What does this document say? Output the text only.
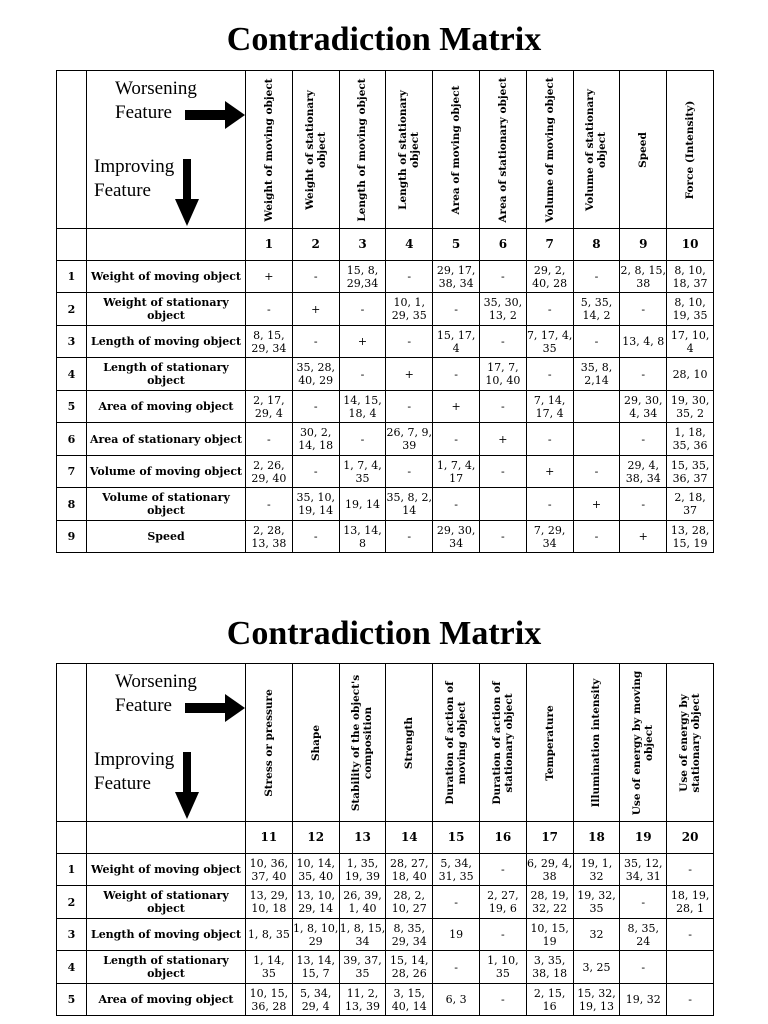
Contradiction Matrix

	Worsening Feature
Improving Feature	Weight of moving object	Weight of stationary object	Length of moving object	Length of stationary object	Area of moving object	Area of stationary object	Volume of moving object	Volume of stationary object	Speed	Force (Intensity)

		1	2	3	4	5	6	7	8	9	10
1	Weight of moving object	+	-	15, 8, 29,34	-	29, 17, 38, 34	-	29, 2, 40, 28	-	2, 8, 15, 38	8, 10, 18, 37
2	Weight of stationary object	-	+	-	10, 1, 29, 35	-	35, 30, 13, 2	-	5, 35, 14, 2	-	8, 10, 19, 35
3	Length of moving object	8, 15, 29, 34	-	+	-	15, 17, 4	-	7, 17, 4, 35	-	13, 4, 8	17, 10, 4
4	Length of stationary object		35, 28, 40, 29	-	+	-	17, 7, 10, 40	-	35, 8, 2,14	-	28, 10
5	Area of moving object	2, 17, 29, 4	-	14, 15, 18, 4	-	+	-	7, 14, 17, 4		29, 30, 4, 34	19, 30, 35, 2
6	Area of stationary object	-	30, 2, 14, 18	-	26, 7, 9, 39	-	+	-		-	1, 18, 35, 36
7	Volume of moving object	2, 26, 29, 40	-	1, 7, 4, 35	-	1, 7, 4, 17	-	+	-	29, 4, 38, 34	15, 35, 36, 37
8	Volume of stationary object	-	35, 10, 19, 14	19, 14	35, 8, 2, 14	-		-	+	-	2, 18, 37
9	Speed	2, 28, 13, 38	-	13, 14, 8	-	29, 30, 34	-	7, 29, 34	-	+	13, 28, 15, 19
Contradiction Matrix

	Worsening Feature
Improving Feature	Stress or pressure	Shape	Stability of the object's composition	Strength	Duration of action of moving object	Duration of action of stationary object	Temperature	Illumination intensity	Use of energy by moving object	Use of energy by stationary object

		11	12	13	14	15	16	17	18	19	20
1	Weight of moving object	10, 36, 37, 40	10, 14, 35, 40	1, 35, 19, 39	28, 27, 18, 40	5, 34, 31, 35	-	6, 29, 4, 38	19, 1, 32	35, 12, 34, 31	-
2	Weight of stationary object	13, 29, 10, 18	13, 10, 29, 14	26, 39, 1, 40	28, 2, 10, 27	-	2, 27, 19, 6	28, 19, 32, 22	19, 32, 35	-	18, 19, 28, 1
3	Length of moving object	1, 8, 35	1, 8, 10, 29	1, 8, 15, 34	8, 35, 29, 34	19	-	10, 15, 19	32	8, 35, 24	-
4	Length of stationary object	1, 14, 35	13, 14, 15, 7	39, 37, 35	15, 14, 28, 26	-	1, 10, 35	3, 35, 38, 18	3, 25	-	
5	Area of moving object	10, 15, 36, 28	5, 34, 29, 4	11, 2, 13, 39	3, 15, 40, 14	6, 3	-	2, 15, 16	15, 32, 19, 13	19, 32	-
